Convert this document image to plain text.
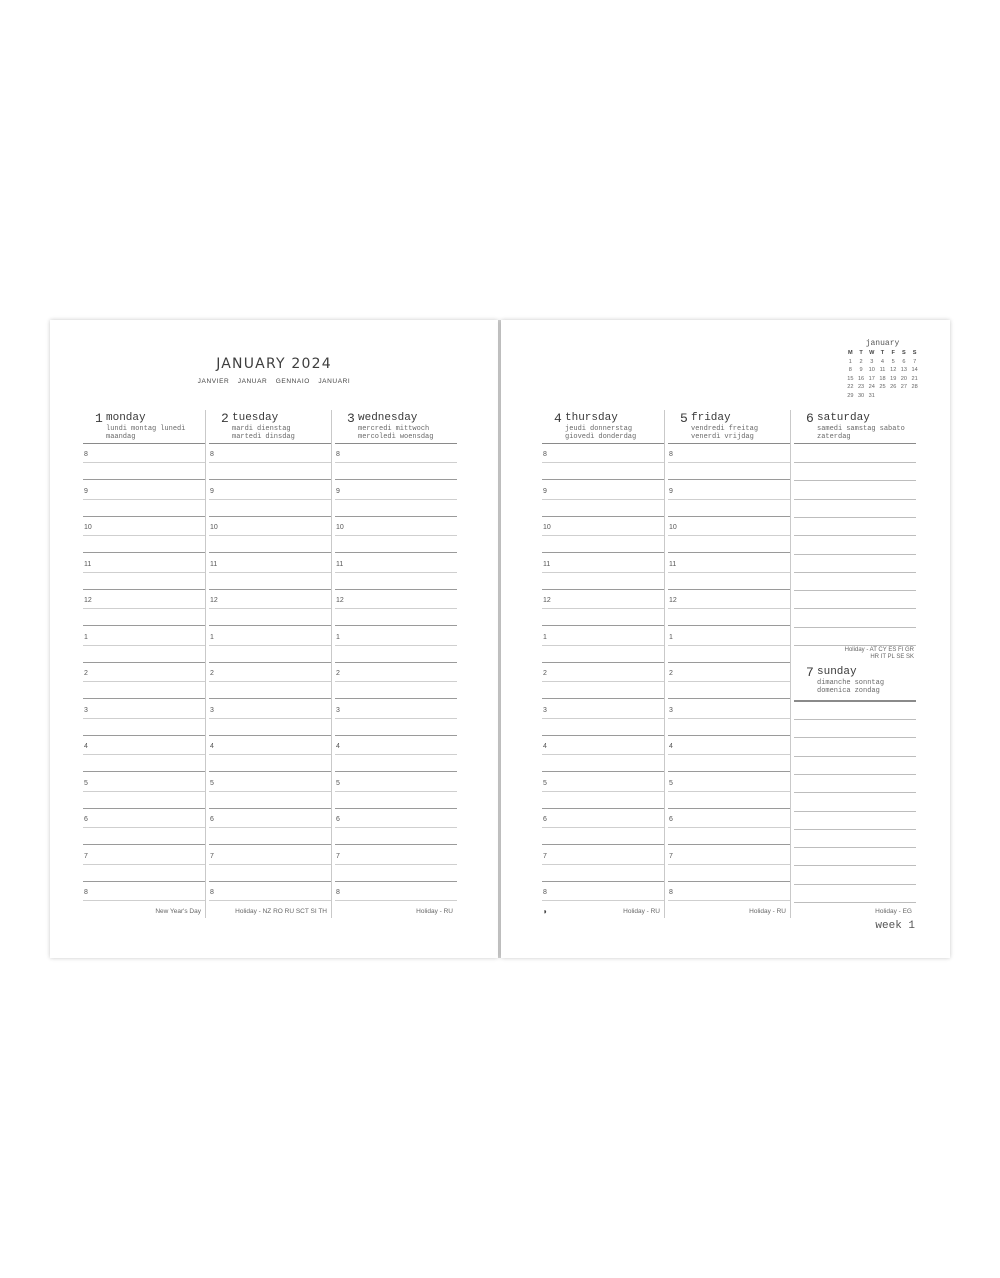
JANUARY 2024
JANVIER JANUAR GENNAIO JANUARI
1 monday
lundi montag lunedìmaandag
8
9
10
11
12
1
2
3
4
5
6
7
8
New Year's Day
2 tuesday
mardi dienstagmartedì dinsdag
8
9
10
11
12
1
2
3
4
5
6
7
8
Holiday - NZ RO RU SCT SI TH
3 wednesday
mercredi mittwochmercoledì woensdag
8
9
10
11
12
1
2
3
4
5
6
7
8
Holiday - RU
january
M	T	W	T	F	S	S
1	2	3	4	5	6	7
8	9	10 11 12 13 14
15 16 17 18 19 20 21
22 23 24 25 26 27 28
29 30 31
4 thursday
jeudi donnerstaggiovedì donderdag
8
9
10
11
12
1
2
3
4
5
6
7
8
◑	Holiday - RU
5 friday
vendredi freitagvenerdì vrijdag
8
9
10
11
12
1
2
3
4
5
6
7
8
Holiday - RU
6 saturday
samedi samstag sabatozaterdag
Holiday - AT CY ES FI GR
HR IT PL SE SK
7 sunday
dimanche sonntagdomenica zondag
Holiday - EG
week 1
